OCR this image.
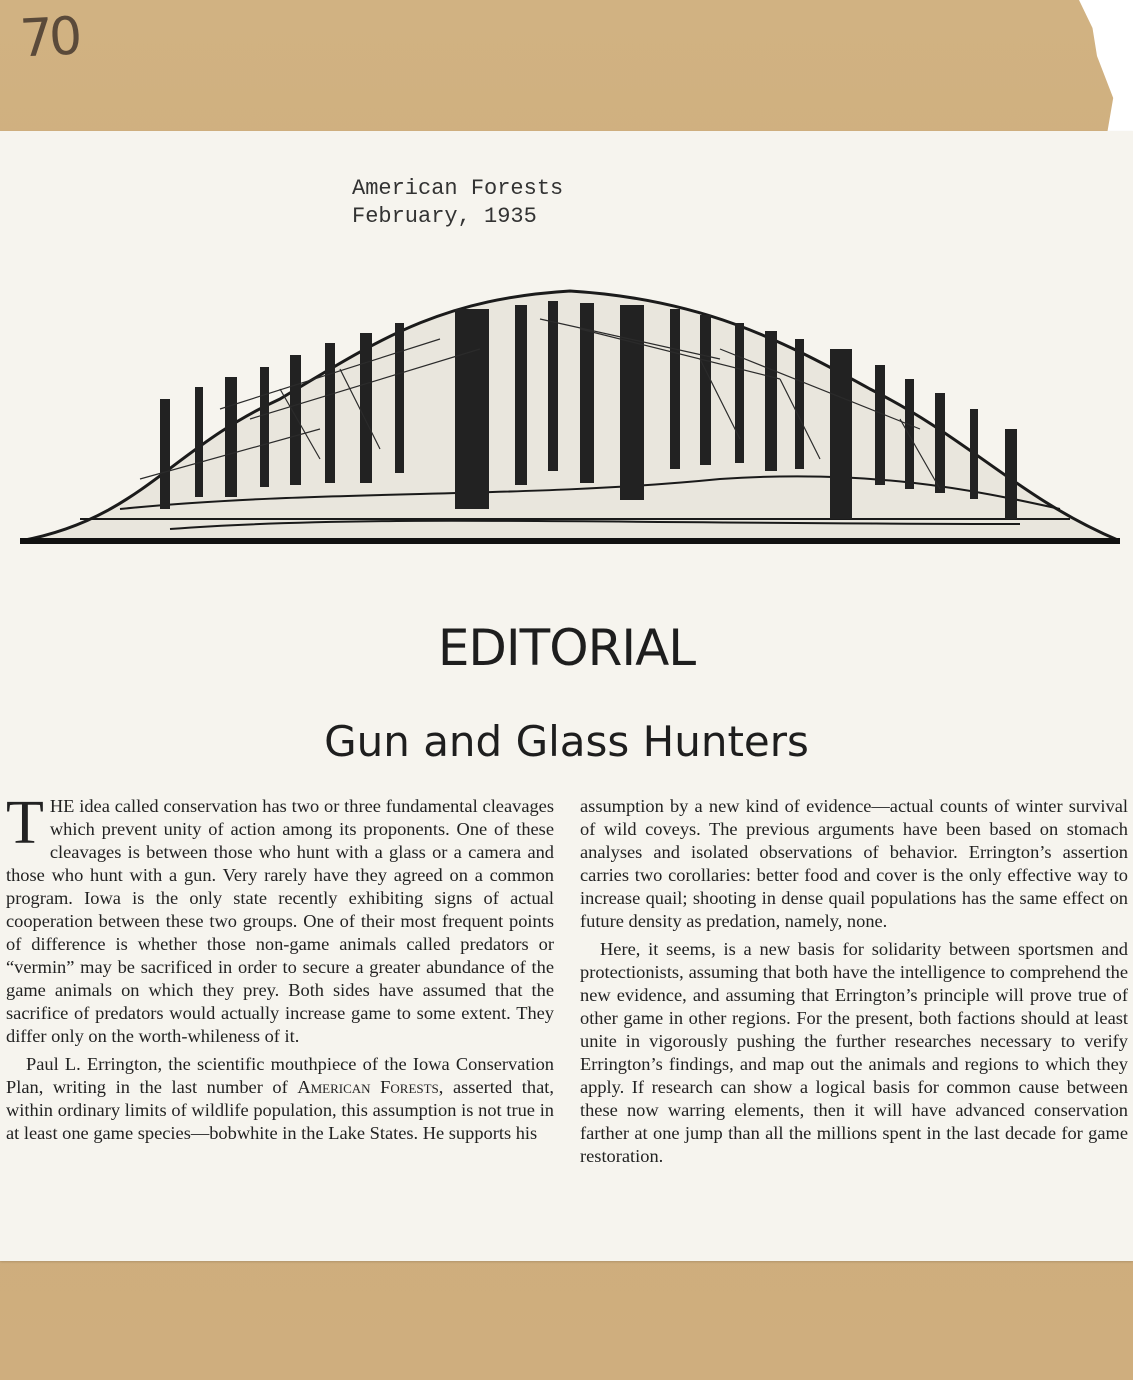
70
American Forests
February, 1935
EDITORIAL
Gun and Glass Hunters

THE idea called conservation has two or three fundamental cleavages which prevent unity of action among its proponents. One of these cleavages is between those who hunt with a glass or a camera and those who hunt with a gun. Very rarely have they agreed on a common program. Iowa is the only state recently exhibiting signs of actual cooperation between these two groups. One of their most frequent points of difference is whether those non-game animals called predators or “vermin” may be sacrificed in order to secure a greater abundance of the game animals on which they prey. Both sides have assumed that the sacrifice of predators would actually increase game to some extent. They differ only on the worth-whileness of it.

Paul L. Errington, the scientific mouthpiece of the Iowa Conservation Plan, writing in the last number of American Forests, asserted that, within ordinary limits of wildlife population, this assumption is not true in at least one game species—bobwhite in the Lake States. He supports his

assumption by a new kind of evidence—actual counts of winter survival of wild coveys. The previous arguments have been based on stomach analyses and isolated observations of behavior. Errington’s assertion carries two corollaries: better food and cover is the only effective way to increase quail; shooting in dense quail populations has the same effect on future density as predation, namely, none.

Here, it seems, is a new basis for solidarity between sportsmen and protectionists, assuming that both have the intelligence to comprehend the new evidence, and assuming that Errington’s principle will prove true of other game in other regions. For the present, both factions should at least unite in vigorously pushing the further researches necessary to verify Errington’s findings, and map out the animals and regions to which they apply. If research can show a logical basis for common cause between these now warring elements, then it will have advanced conservation farther at one jump than all the millions spent in the last decade for game restoration.
